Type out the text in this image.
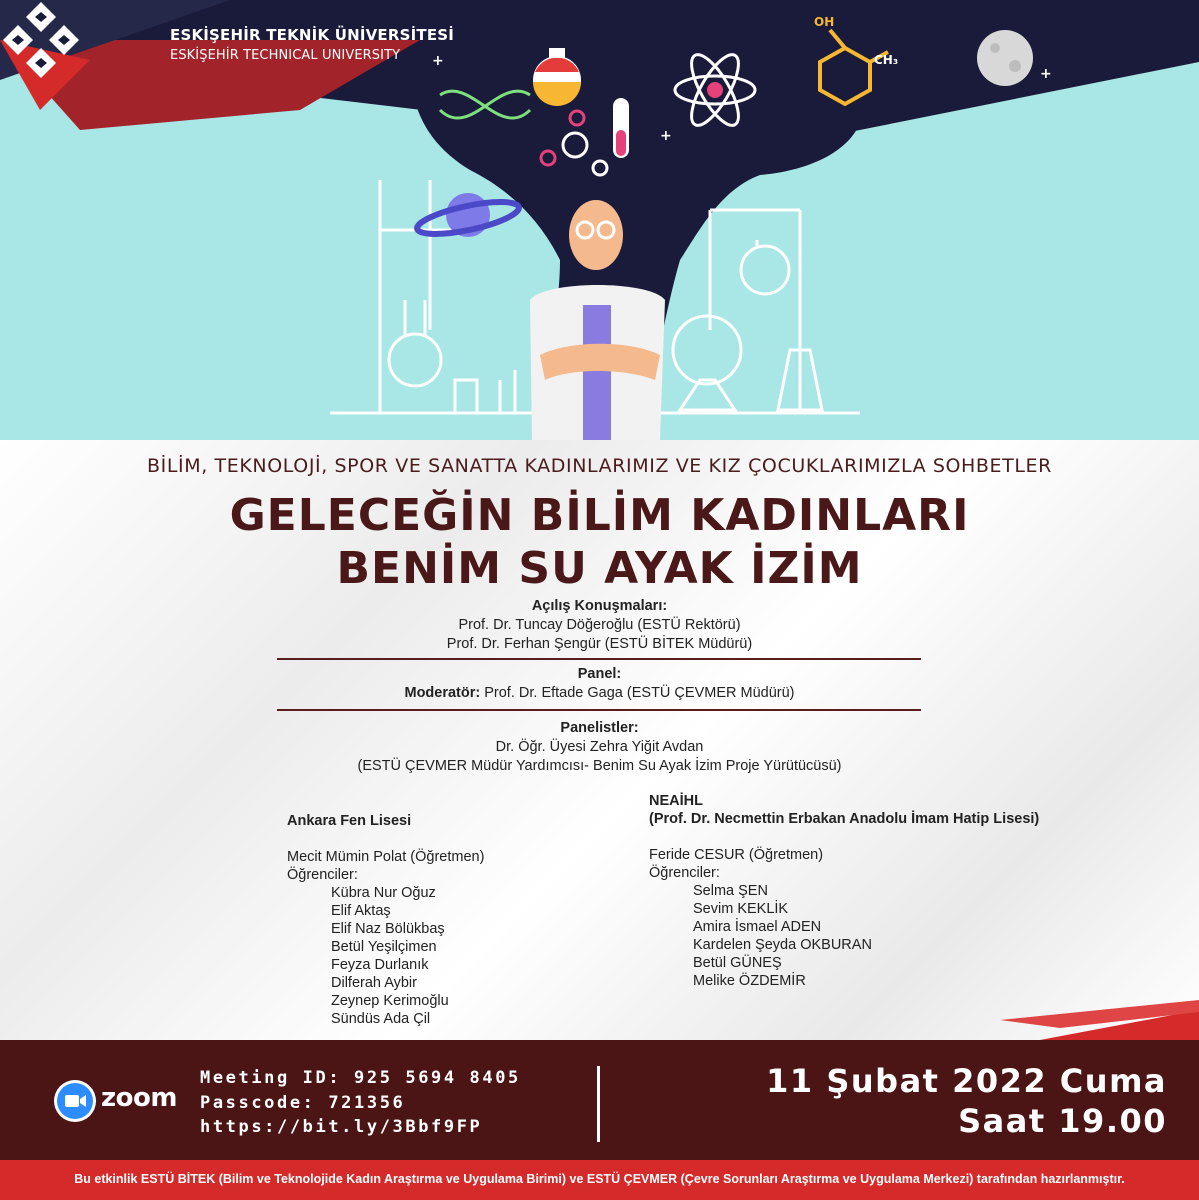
+
+
+
OH
CH₃
ESKİŞEHİR TEKNİK ÜNİVERSİTESİ
ESKİŞEHİR TECHNICAL UNIVERSITY
BİLİM, TEKNOLOJİ, SPOR VE SANATTA KADINLARIMIZ VE KIZ ÇOCUKLARIMIZLA SOHBETLER
GELECEĞİN BİLİM KADINLARI
BENİM SU AYAK İZİM
Açılış Konuşmaları:
Prof. Dr. Tuncay Döğeroğlu (ESTÜ Rektörü)
Prof. Dr. Ferhan Şengür (ESTÜ BİTEK Müdürü)
Panel:
Moderatör: Prof. Dr. Eftade Gaga (ESTÜ ÇEVMER Müdürü)
Panelistler:
Dr. Öğr. Üyesi Zehra Yiğit Avdan
(ESTÜ ÇEVMER Müdür Yardımcısı- Benim Su Ayak İzim Proje Yürütücüsü)
Ankara Fen Lisesi
Mecit Mümin Polat (Öğretmen)
Öğrenciler:
Kübra Nur Oğuz
Elif Aktaş
Elif Naz Bölükbaş
Betül Yeşilçimen
Feyza Durlanık
Dilferah Aybir
Zeynep Kerimoğlu
Sündüs Ada Çil
NEAİHL
(Prof. Dr. Necmettin Erbakan Anadolu İmam Hatip Lisesi)
Feride CESUR (Öğretmen)
Öğrenciler:
Selma ŞEN
Sevim KEKLİK
Amira İsmael ADEN
Kardelen Şeyda OKBURAN
Betül GÜNEŞ
Melike ÖZDEMİR
zoom
Meeting ID: 925 5694 8405
Passcode: 721356
https://bit.ly/3Bbf9FP
11 Şubat 2022 Cuma
Saat 19.00
Bu etkinlik ESTÜ BİTEK (Bilim ve Teknolojide Kadın Araştırma ve Uygulama Birimi) ve ESTÜ ÇEVMER (Çevre Sorunları Araştırma ve Uygulama Merkezi) tarafından hazırlanmıştır.
